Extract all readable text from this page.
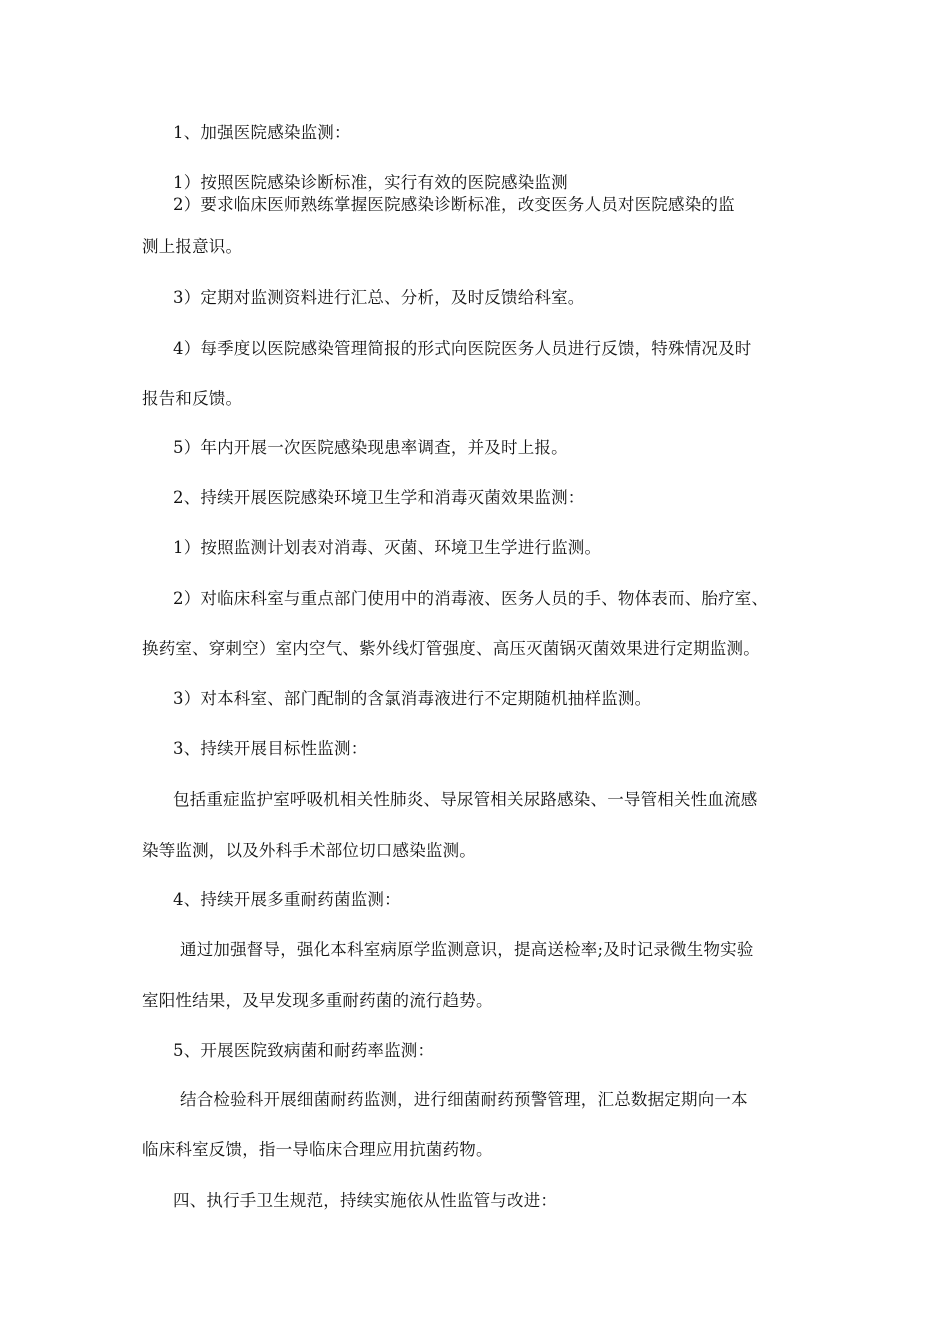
1、加强医院感染监测：

1）按照医院感染诊断标准，实行有效的医院感染监测

2）要求临床医师熟练掌握医院感染诊断标准，改变医务人员对医院感染的监

测上报意识。

3）定期对监测资料进行汇总、分析，及时反馈给科室。

4）每季度以医院感染管理简报的形式向医院医务人员进行反馈，特殊情况及时

报告和反馈。

5）年内开展一次医院感染现患率调查，并及时上报。

2、持续开展医院感染环境卫生学和消毒灭菌效果监测：

1）按照监测计划表对消毒、灭菌、环境卫生学进行监测。

2）对临床科室与重点部门使用中的消毒液、医务人员的手、物体表而、胎疗室、

换药室、穿刺空）室内空气、紫外线灯管强度、高压灭菌锅灭菌效果进行定期监测。

3）对本科室、部门配制的含氯消毒液进行不定期随机抽样监测。

3、持续开展目标性监测：

包括重症监护室呼吸机相关性肺炎、导尿管相关尿路感染、一导管相关性血流感

染等监测，以及外科手术部位切口感染监测。

4、持续开展多重耐药菌监测：

通过加强督导，强化本科室病原学监测意识，提高送检率;及时记录微生物实验

室阳性结果，及早发现多重耐药菌的流行趋势。

5、开展医院致病菌和耐药率监测：

结合检验科开展细菌耐药监测，进行细菌耐药预警管理，汇总数据定期向一本

临床科室反馈，指一导临床合理应用抗菌药物。

四、执行手卫生规范，持续实施依从性监管与改进：
